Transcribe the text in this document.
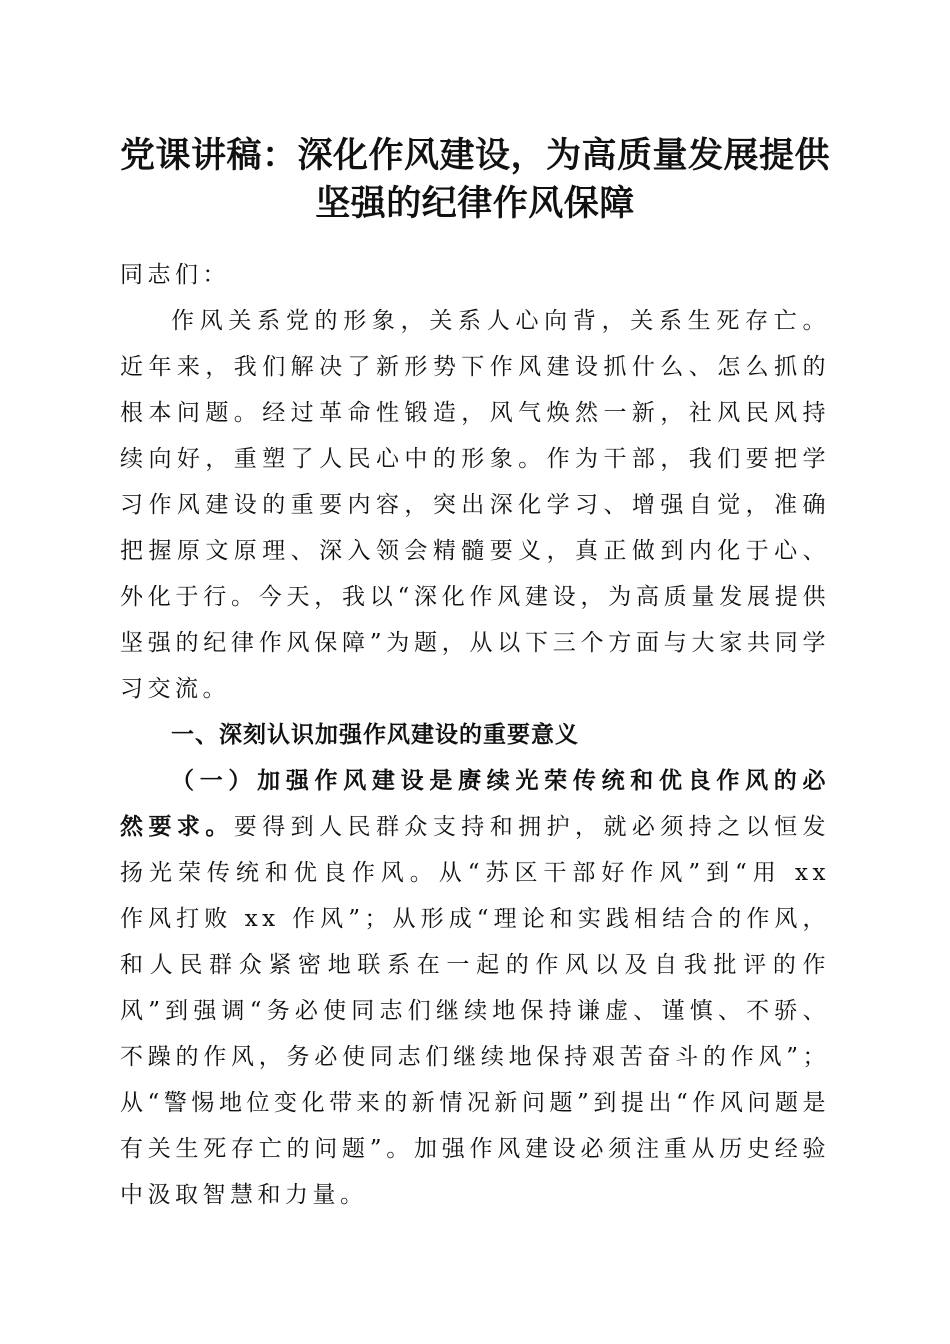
党课讲稿：深化作风建设，为高质量发展提供
坚强的纪律作风保障

同志们：

作风关系党的形象，关系人心向背，关系生死存亡。近年来，我们解决了新形势下作风建设抓什么、怎么抓的根本问题。经过革命性锻造，风气焕然一新，社风民风持续向好，重塑了人民心中的形象。作为干部，我们要把学习作风建设的重要内容，突出深化学习、增强自觉，准确把握原文原理、深入领会精髓要义，真正做到内化于心、外化于行。今天，我以“深化作风建设，为高质量发展提供坚强的纪律作风保障”为题，从以下三个方面与大家共同学习交流。

一、深刻认识加强作风建设的重要意义

（一）加强作风建设是赓续光荣传统和优良作风的必然要求。要得到人民群众支持和拥护，就必须持之以恒发扬光荣传统和优良作风。从“苏区干部好作风”到“用 xx 作风打败 xx 作风”；从形成“理论和实践相结合的作风，和人民群众紧密地联系在一起的作风以及自我批评的作风”到强调“务必使同志们继续地保持谦虚、谨慎、不骄、不躁的作风，务必使同志们继续地保持艰苦奋斗的作风”；从“警惕地位变化带来的新情况新问题”到提出“作风问题是有关生死存亡的问题”。加强作风建设必须注重从历史经验中汲取智慧和力量。
